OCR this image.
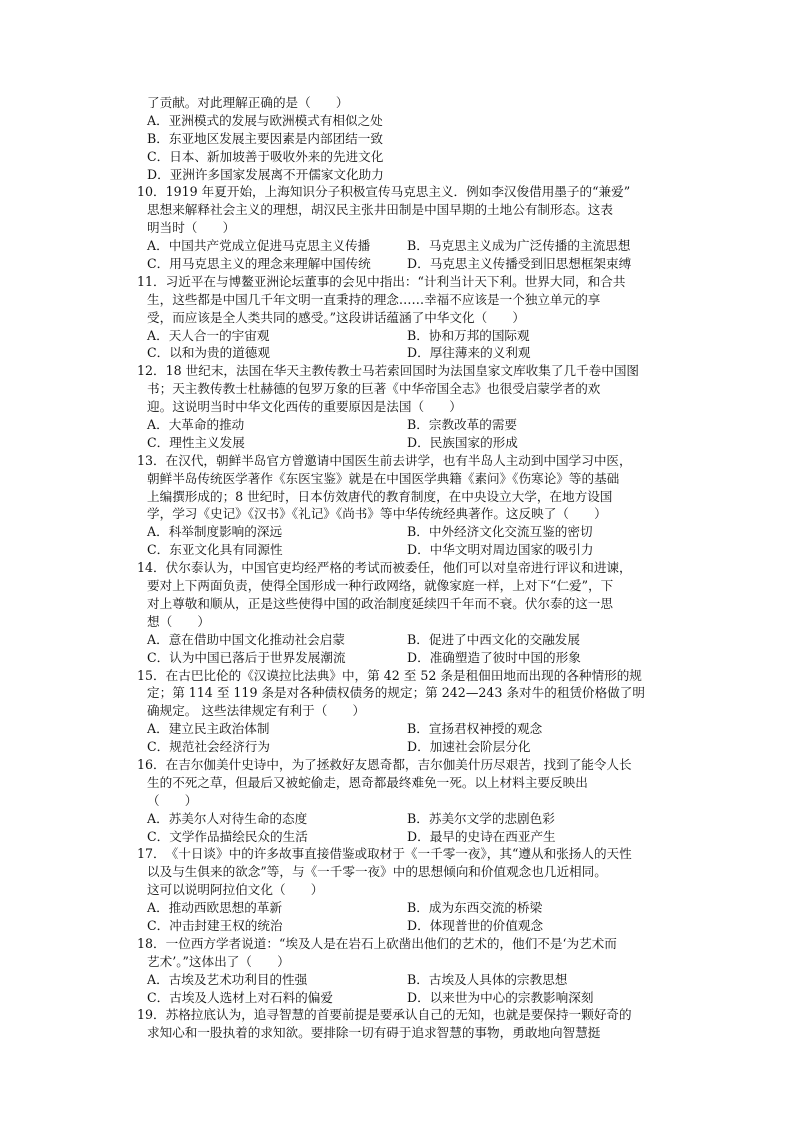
了贡献。对此理解正确的是（　　）
A．亚洲模式的发展与欧洲模式有相似之处
B．东亚地区发展主要因素是内部团结一致
C．日本、新加坡善于吸收外来的先进文化
D．亚洲许多国家发展离不开儒家文化助力
10．1919 年夏开始，上海知识分子积极宣传马克思主义．例如李汉俊借用墨子的“兼爱”
思想来解释社会主义的理想，胡汉民主张井田制是中国早期的土地公有制形态。这表
明当时（　　）
A．中国共产党成立促进马克思主义传播	B．马克思主义成为广泛传播的主流思想
C．用马克思主义的理念来理解中国传统	D．马克思主义传播受到旧思想框架束缚
11．习近平在与博鳌亚洲论坛董事的会见中指出：“计利当计天下利。世界大同，和合共
生，这些都是中国几千年文明一直秉持的理念……幸福不应该是一个独立单元的享
受，而应该是全人类共同的感受。”这段讲话蕴涵了中华文化（　　）
A．天人合一的宇宙观	B．协和万邦的国际观
C．以和为贵的道德观	D．厚往薄来的义利观
12．18 世纪末，法国在华天主教传教士马若索回国时为法国皇家文库收集了几千卷中国图
书；天主教传教士杜赫德的包罗万象的巨著《中华帝国全志》也很受启蒙学者的欢
迎。这说明当时中华文化西传的重要原因是法国（　　）
A．大革命的推动	B．宗教改革的需要
C．理性主义发展	D．民族国家的形成
13．在汉代，朝鲜半岛官方曾邀请中国医生前去讲学，也有半岛人主动到中国学习中医，
朝鲜半岛传统医学著作《东医宝鉴》就是在中国医学典籍《素问》《伤寒论》等的基础
上编撰形成的；8 世纪时，日本仿效唐代的教育制度，在中央设立大学，在地方设国
学，学习《史记》《汉书》《礼记》《尚书》等中华传统经典著作。这反映了（　　）
A．科举制度影响的深远	B．中外经济文化交流互鉴的密切
C．东亚文化具有同源性	D．中华文明对周边国家的吸引力
14．伏尔泰认为，中国官吏均经严格的考试而被委任，他们可以对皇帝进行评议和进谏，
要对上下两面负责，使得全国形成一种行政网络，就像家庭一样，上对下“仁爱”，下
对上尊敬和顺从，正是这些使得中国的政治制度延续四千年而不衰。伏尔泰的这一思
想（　　）
A．意在借助中国文化推动社会启蒙	B．促进了中西文化的交融发展
C．认为中国已落后于世界发展潮流	D．准确塑造了彼时中国的形象
15．在古巴比伦的《汉谟拉比法典》中，第 42 至 52 条是租佃田地而出现的各种情形的规
定；第 114 至 119 条是对各种债权债务的规定；第 242—243 条对牛的租赁价格做了明
确规定。 这些法律规定有利于（　　）
A．建立民主政治体制	B．宣扬君权神授的观念
C．规范社会经济行为	D．加速社会阶层分化
16．在吉尔伽美什史诗中，为了拯救好友恩奇都，吉尔伽美什历尽艰苦，找到了能令人长
生的不死之草，但最后又被蛇偷走，恩奇都最终难免一死。以上材料主要反映出
（　　）
A．苏美尔人对待生命的态度	B．苏美尔文学的悲剧色彩
C．文学作品描绘民众的生活	D．最早的史诗在西亚产生
17．《十日谈》中的许多故事直接借鉴或取材于《一千零一夜》，其“遵从和张扬人的天性
以及与生俱来的欲念”等，与《一千零一夜》中的思想倾向和价值观念也几近相同。
这可以说明阿拉伯文化（　　）
A．推动西欧思想的革新	B．成为东西交流的桥梁
C．冲击封建王权的统治	D．体现普世的价值观念
18．一位西方学者说道：“埃及人是在岩石上砍凿出他们的艺术的，他们不是‘为艺术而
艺术’。”这体出了（　　）
A．古埃及艺术功利目的性强	B．古埃及人具体的宗教思想
C．古埃及人选材上对石料的偏爱	D．以来世为中心的宗教影响深刻
19．苏格拉底认为，追寻智慧的首要前提是要承认自己的无知，也就是要保持一颗好奇的
求知心和一股执着的求知欲。要排除一切有碍于追求智慧的事物，勇敢地向智慧挺
